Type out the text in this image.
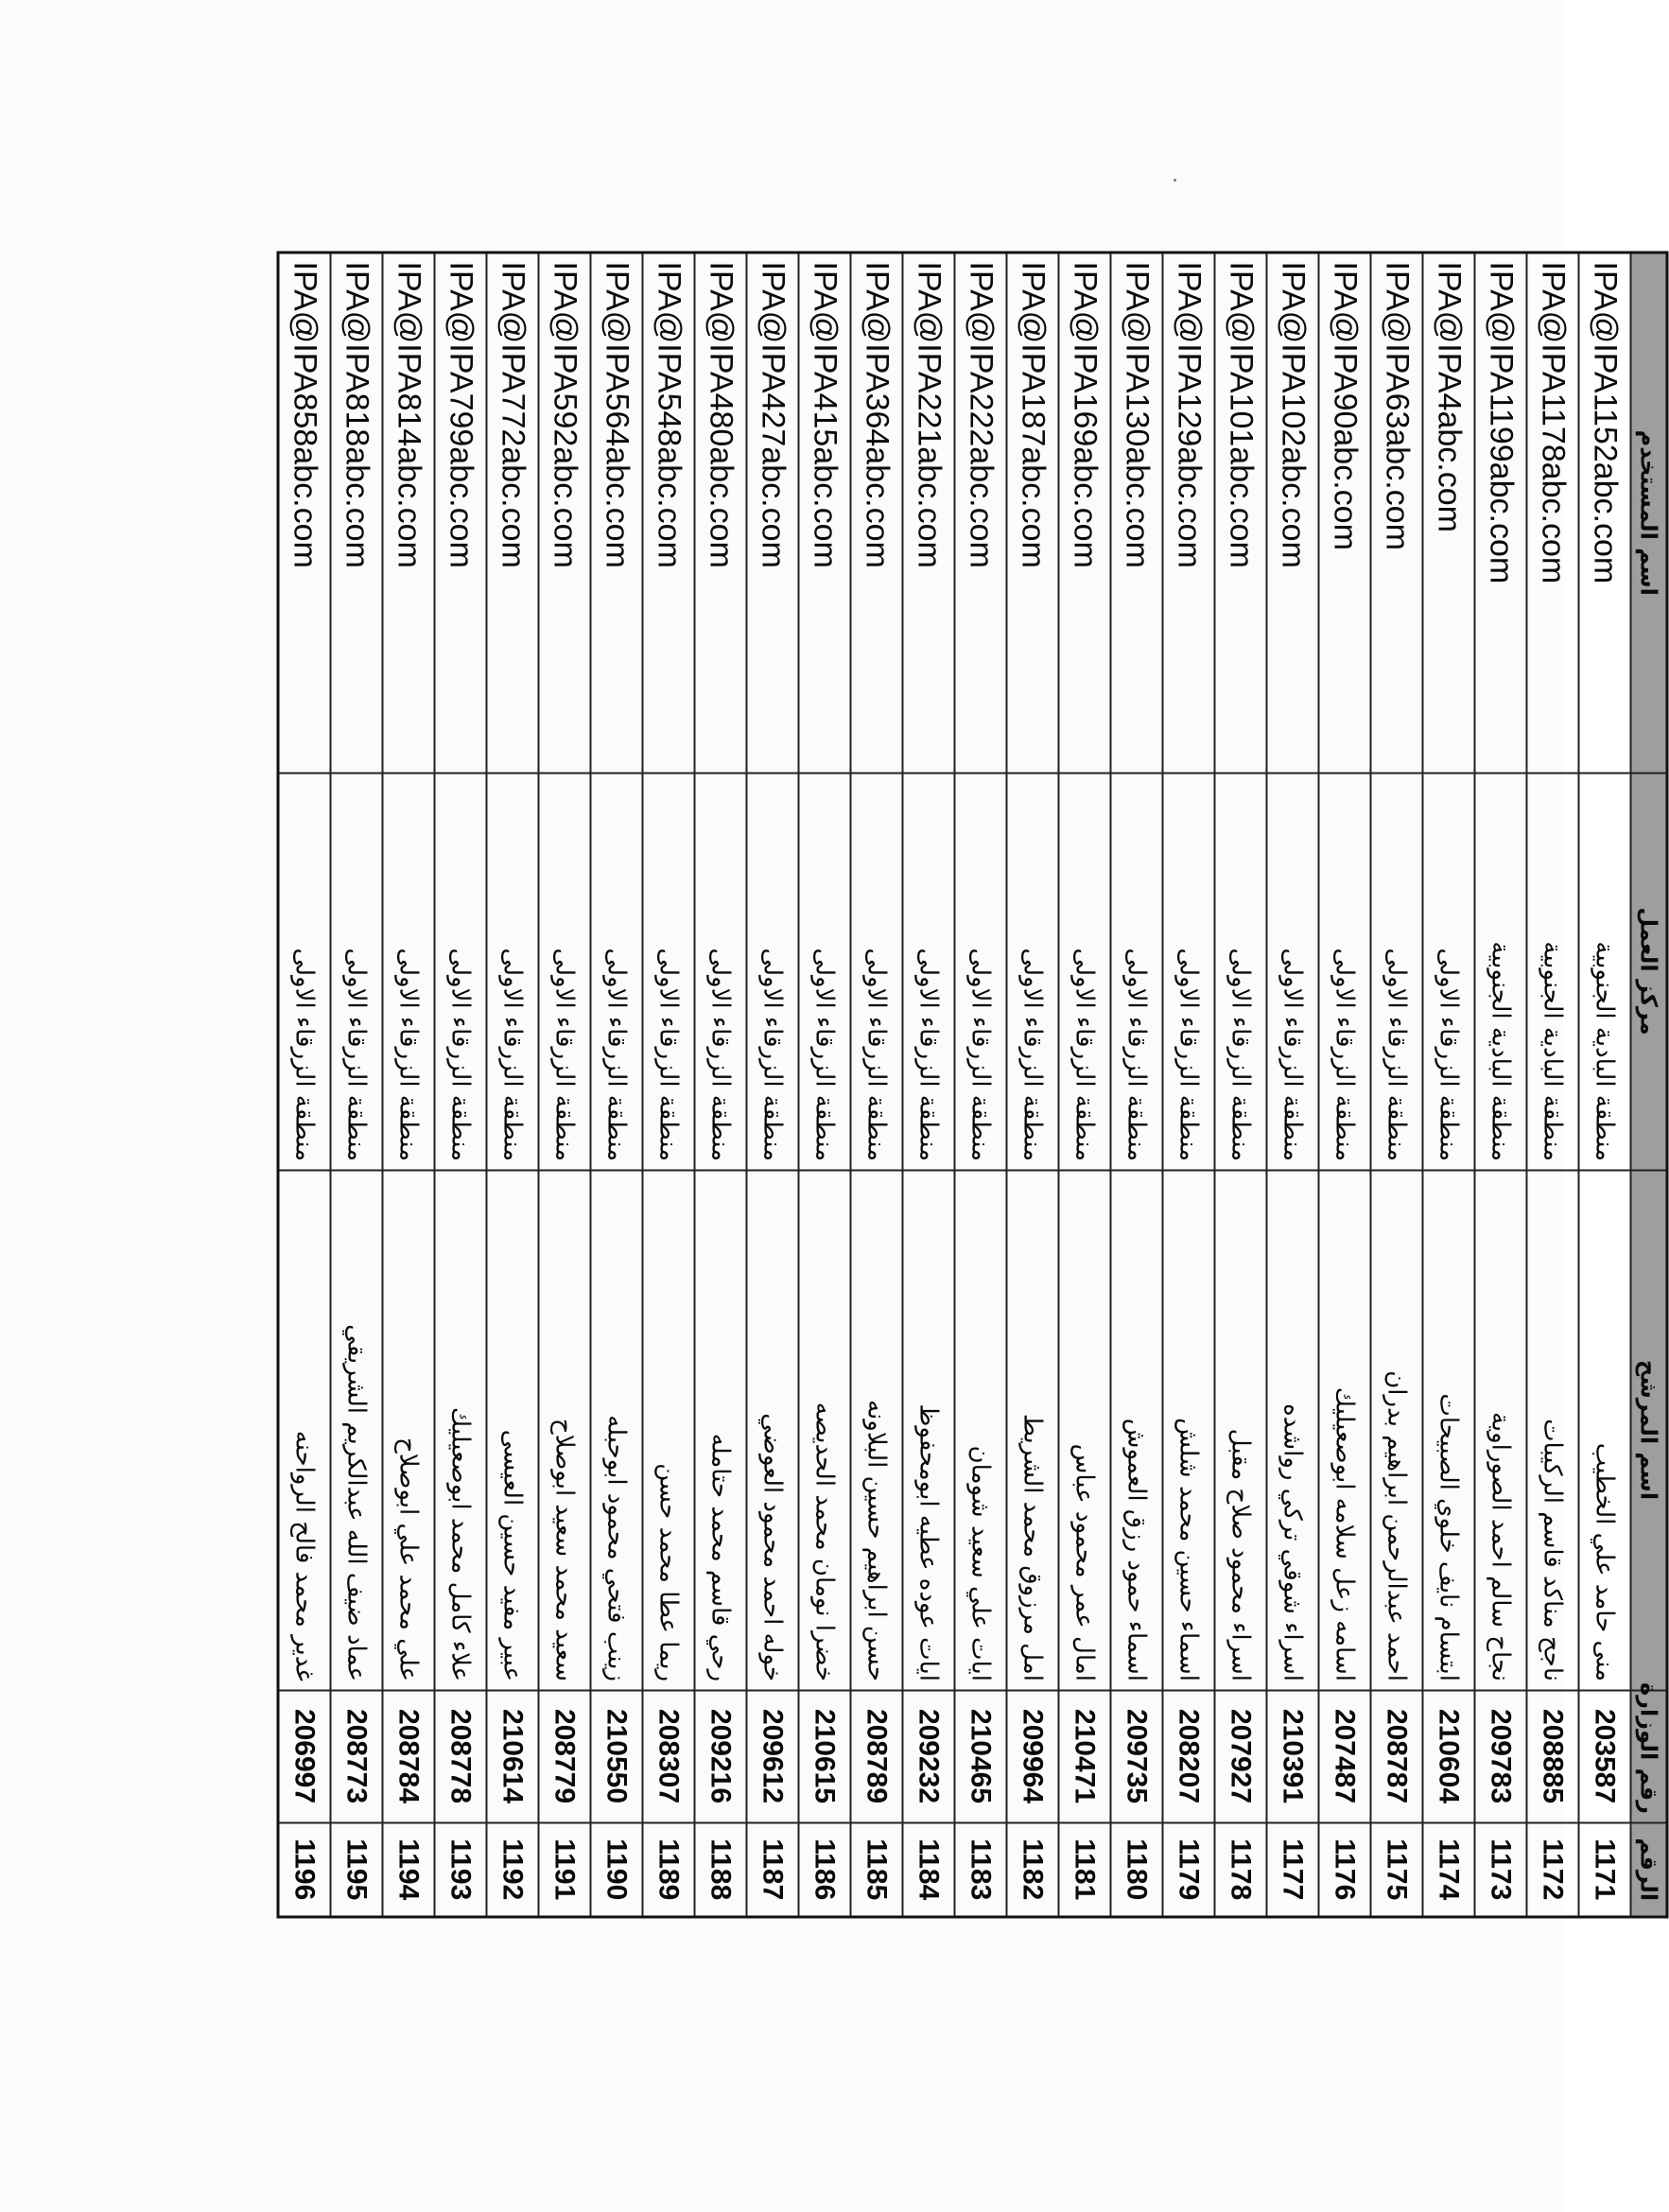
الرقم	رقم الوزارة	اسم المرشح	مركز العمل	اسم المستخدم
1171	203587	منى حامد علي الخطيب	منطقة البادية الجنوبية	IPA@IPA1152abc.com
1172	208885	ناجح مناكد قاسم الركيبات	منطقة البادية الجنوبية	IPA@IPA1178abc.com
1173	209783	نجاح سالم احمد الصوراوية	منطقة البادية الجنوبية	IPA@IPA1199abc.com
1174	210604	ابتسام نايف خلوي الصبيحات	منطقة الزرقاء الاولى	IPA@IPA4abc.com
1175	208787	احمد عبدالرحمن ابراهيم بدران	منطقة الزرقاء الاولى	IPA@IPA63abc.com
1176	207487	اسامه زعل سلامه ابوصعيليك	منطقة الزرقاء الاولى	IPA@IPA90abc.com
1177	210391	اسراء شوقي تركي رواشده	منطقة الزرقاء الاولى	IPA@IPA102abc.com
1178	207927	اسراء محمود صلاح مقبل	منطقة الزرقاء الاولى	IPA@IPA101abc.com
1179	208207	اسماء حسين محمد شلش	منطقة الزرقاء الاولى	IPA@IPA129abc.com
1180	209735	اسماء حمود رزق العموش	منطقة الزرقاء الاولى	IPA@IPA130abc.com
1181	210471	امال عمر محمود عباس	منطقة الزرقاء الاولى	IPA@IPA169abc.com
1182	209964	امل مرزوق محمد الشريط	منطقة الزرقاء الاولى	IPA@IPA187abc.com
1183	210465	ايات علي سعيد شومان	منطقة الزرقاء الاولى	IPA@IPA222abc.com
1184	209232	ايات عوده عطيه ابومحفوظ	منطقة الزرقاء الاولى	IPA@IPA221abc.com
1185	208789	حسن ابراهيم حسين البلاونه	منطقة الزرقاء الاولى	IPA@IPA364abc.com
1186	210615	خضرا نومان محمد الحديصه	منطقة الزرقاء الاولى	IPA@IPA415abc.com
1187	209612	خوله احمد محمود العوضي	منطقة الزرقاء الاولى	IPA@IPA427abc.com
1188	209216	رحي قاسم محمد حتامله	منطقة الزرقاء الاولى	IPA@IPA480abc.com
1189	208307	ريما عطا محمد حسن	منطقة الزرقاء الاولى	IPA@IPA548abc.com
1190	210550	زينب فتحي محمود ابوحبله	منطقة الزرقاء الاولى	IPA@IPA564abc.com
1191	208779	سعيد محمد سعيد ابوصلاح	منطقة الزرقاء الاولى	IPA@IPA592abc.com
1192	210614	عبير مفيد حسين العيسى	منطقة الزرقاء الاولى	IPA@IPA772abc.com
1193	208778	علاء كامل محمد ابوصعيليك	منطقة الزرقاء الاولى	IPA@IPA799abc.com
1194	208784	علي محمد علي ابوصلاح	منطقة الزرقاء الاولى	IPA@IPA814abc.com
1195	208773	عماد ضيف الله عبدالكريم الشريقي	منطقة الزرقاء الاولى	IPA@IPA818abc.com
1196	206997	غدير محمد فالح الرواحنه	منطقة الزرقاء الاولى	IPA@IPA858abc.com
